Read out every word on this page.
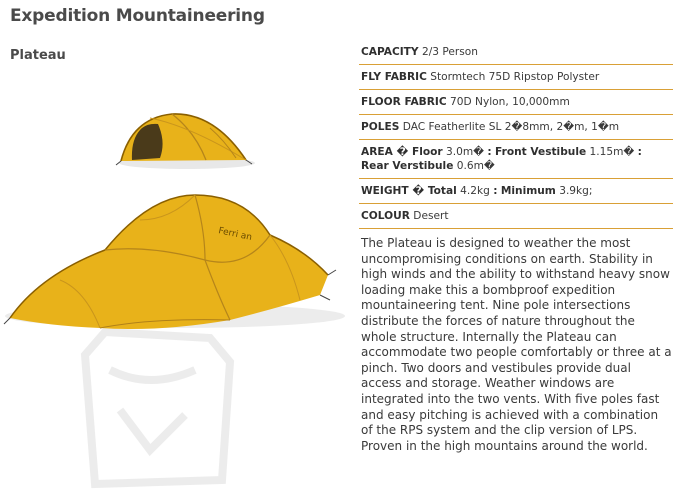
Expedition Mountaineering
Plateau
Ferri an
CAPACITY 2/3 Person
FLY FABRIC Stormtech 75D Ripstop Polyster
FLOOR FABRIC 70D Nylon, 10,000mm
POLES DAC Featherlite SL 2�8mm, 2�m, 1�m
AREA � Floor 3.0m� : Front Vestibule 1.15m� :
Rear Verstibule 0.6m�
WEIGHT � Total 4.2kg : Minimum 3.9kg;
COLOUR Desert

The Plateau is designed to weather the most uncompromising conditions on earth. Stability in high winds and the ability to withstand heavy snow loading make this a bombproof expedition mountaineering tent. Nine pole intersections distribute the forces of nature throughout the whole structure. Internally the Plateau can accommodate two people comfortably or three at a pinch. Two doors and vestibules provide dual access and storage. Weather windows are integrated into the two vents. With five poles fast and easy pitching is achieved with a combination of the RPS system and the clip version of LPS. Proven in the high mountains around the world.
